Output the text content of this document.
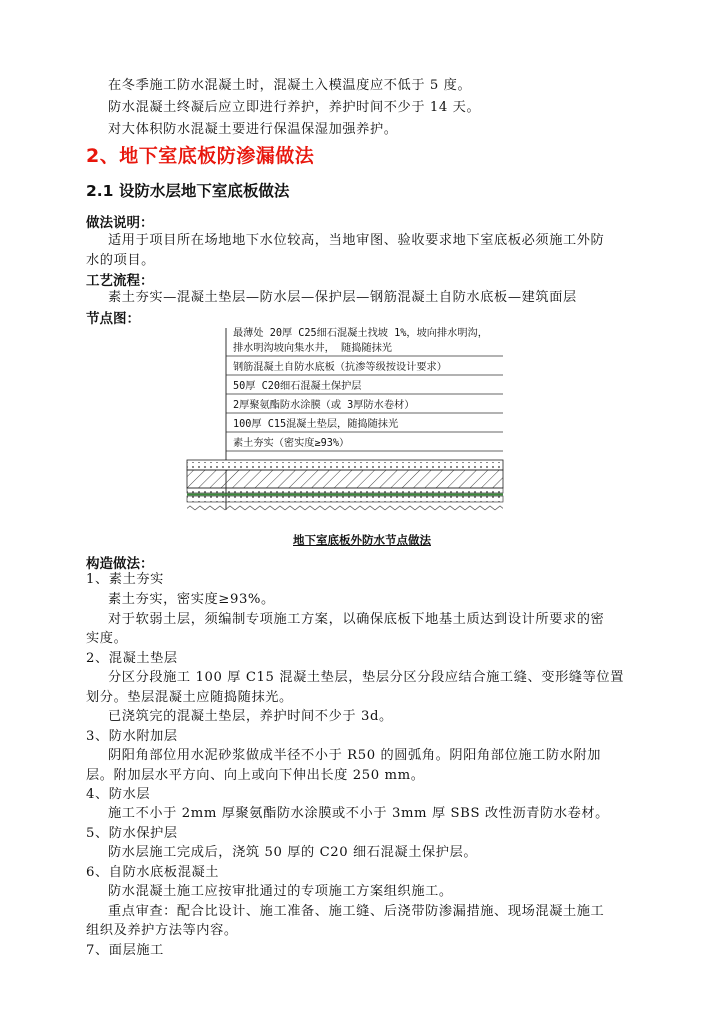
在冬季施工防水混凝土时，混凝土入模温度应不低于 5 度。
防水混凝土终凝后应立即进行养护，养护时间不少于 14 天。
对大体积防水混凝土要进行保温保湿加强养护。
2、地下室底板防渗漏做法
2.1 设防水层地下室底板做法
做法说明：
适用于项目所在场地地下水位较高，当地审图、验收要求地下室底板必须施工外防
水的项目。
工艺流程：
素土夯实—混凝土垫层—防水层—保护层—钢筋混凝土自防水底板—建筑面层
节点图：
最薄处 20厚 C25细石混凝土找坡 1%，坡向排水明沟，
排水明沟坡向集水井， 随捣随抹光
钢筋混凝土自防水底板（抗渗等级按设计要求）
50厚 C20细石混凝土保护层
2厚聚氨酯防水涂膜（或 3厚防水卷材）
100厚 C15混凝土垫层，随捣随抹光
素土夯实（密实度≥93%）
地下室底板外防水节点做法
构造做法：
1、素土夯实
素土夯实，密实度≥93%。
对于软弱土层，须编制专项施工方案，以确保底板下地基土质达到设计所要求的密
实度。
2、混凝土垫层
分区分段施工 100 厚 C15 混凝土垫层，垫层分区分段应结合施工缝、变形缝等位置
划分。垫层混凝土应随捣随抹光。
已浇筑完的混凝土垫层，养护时间不少于 3d。
3、防水附加层
阴阳角部位用水泥砂浆做成半径不小于 R50 的圆弧角。阴阳角部位施工防水附加
层。附加层水平方向、向上或向下伸出长度 250 mm。
4、防水层
施工不小于 2mm 厚聚氨酯防水涂膜或不小于 3mm 厚 SBS 改性沥青防水卷材。
5、防水保护层
防水层施工完成后，浇筑 50 厚的 C20 细石混凝土保护层。
6、自防水底板混凝土
防水混凝土施工应按审批通过的专项施工方案组织施工。
重点审查：配合比设计、施工准备、施工缝、后浇带防渗漏措施、现场混凝土施工
组织及养护方法等内容。
7、面层施工
